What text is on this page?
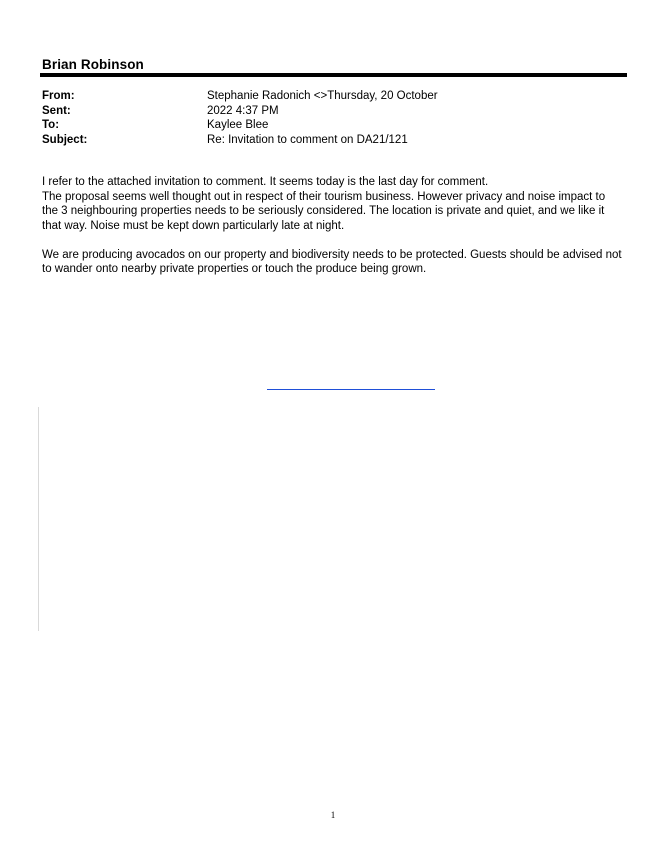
Brian Robinson
From:	Stephanie Radonich <>Thursday, 20 October
Sent:	2022 4:37 PM
To:	Kaylee Blee
Subject:	Re: Invitation to comment on DA21/121

I refer to the attached invitation to comment. It seems today is the last day for comment.

The proposal seems well thought out in respect of their tourism business. However privacy and noise impact to the 3 neighbouring properties needs to be seriously considered. The location is private and quiet, and we like it that way. Noise must be kept down particularly late at night.

We are producing avocados on our property and biodiversity needs to be protected. Guests should be advised not to wander onto nearby private properties or touch the produce being grown.

1
